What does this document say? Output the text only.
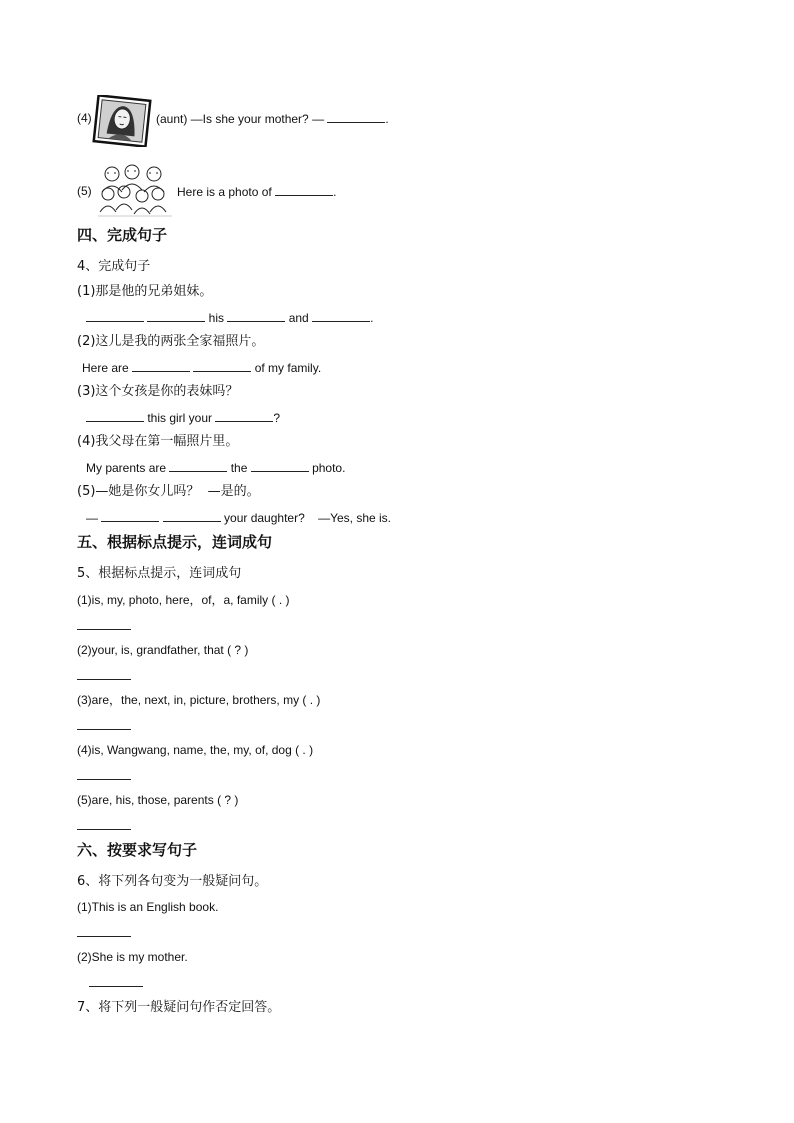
(4)	(aunt) —Is she your mother? —	.
(5)	Here is a photo of	.
四、完成句子
4、完成句子
(1)那是他的兄弟姐妹。
his	and	.
(2)这儿是我的两张全家福照片。
Here are	of my family.
(3)这个女孩是你的表妹吗？
this girl your	?
(4)我父母在第一幅照片里。
My parents are	the	photo.
(5)—她是你女儿吗？  —是的。
—	your daughter?    —Yes, she is.
五、根据标点提示，连词成句
5、根据标点提示，连词成句
(1)is, my, photo, here，of，a, family ( . )
(2)your, is, grandfather, that ( ? )
(3)are，the, next, in, picture, brothers, my ( . )
(4)is, Wangwang, name, the, my, of, dog ( . )
(5)are, his, those, parents ( ? )
六、按要求写句子
6、将下列各句变为一般疑问句。
(1)This is an English book.
(2)She is my mother.
7、将下列一般疑问句作否定回答。
